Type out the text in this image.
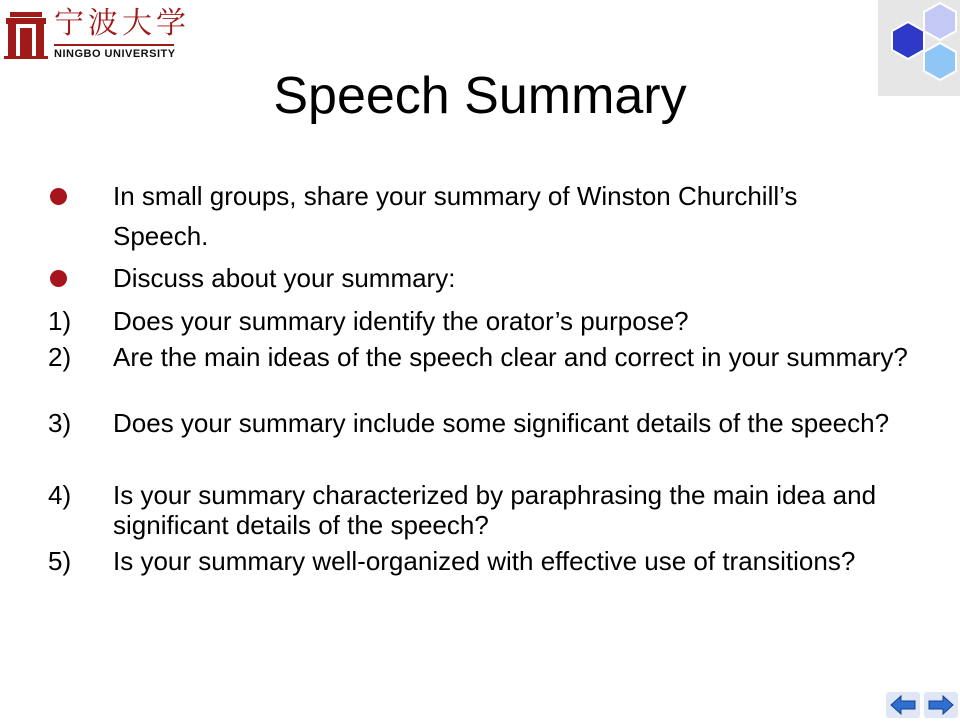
宁波大学
NINGBO UNIVERSITY
Speech Summary
In small groups, share your summary of Winston Churchill’s Speech.
Discuss about your summary:
1) Does your summary identify the orator’s purpose?
2) Are the main ideas of the speech clear and correct in your summary?
3) Does your summary include some significant details of the speech?
4) Is your summary characterized by paraphrasing the main idea and significant details of the speech?
5) Is your summary well-organized with effective use of transitions?
